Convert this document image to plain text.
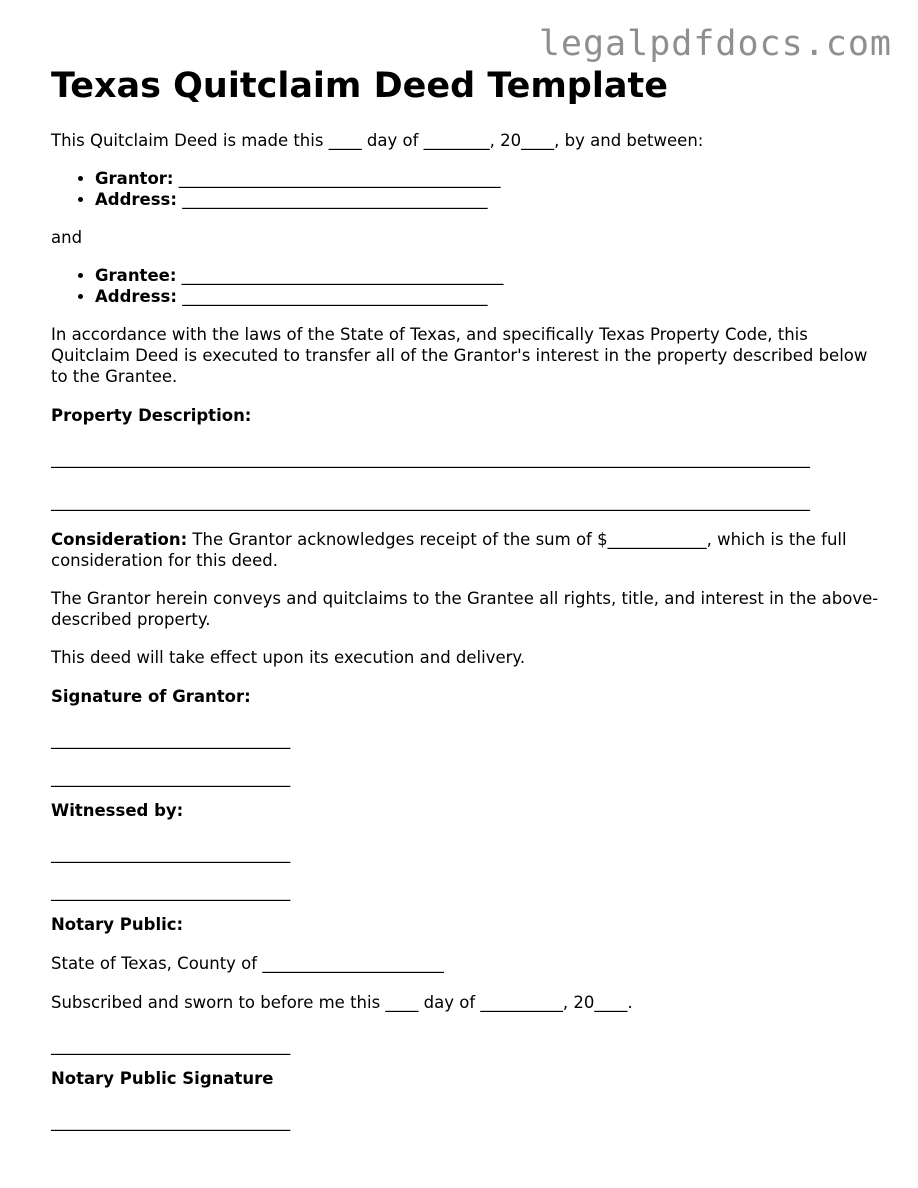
legalpdfdocs.com
Texas Quitclaim Deed Template

This Quitclaim Deed is made this ____ day of ________, 20____, by and between:

• Grantor: _______________________________________
• Address: _____________________________________

and

• Grantee: _______________________________________
• Address: _____________________________________

In accordance with the laws of the State of Texas, and specifically Texas Property Code, this Quitclaim Deed is executed to transfer all of the Grantor's interest in the property described below to the Grantee.

Property Description:

____________________________________________________________________________________________
____________________________________________________________________________________________

Consideration: The Grantor acknowledges receipt of the sum of $____________, which is the full consideration for this deed.

The Grantor herein conveys and quitclaims to the Grantee all rights, title, and interest in the above-described property.

This deed will take effect upon its execution and delivery.

Signature of Grantor:

_____________________________
_____________________________

Witnessed by:

_____________________________
_____________________________

Notary Public:

State of Texas, County of ______________________

Subscribed and sworn to before me this ____ day of __________, 20____.

_____________________________

Notary Public Signature

_____________________________
